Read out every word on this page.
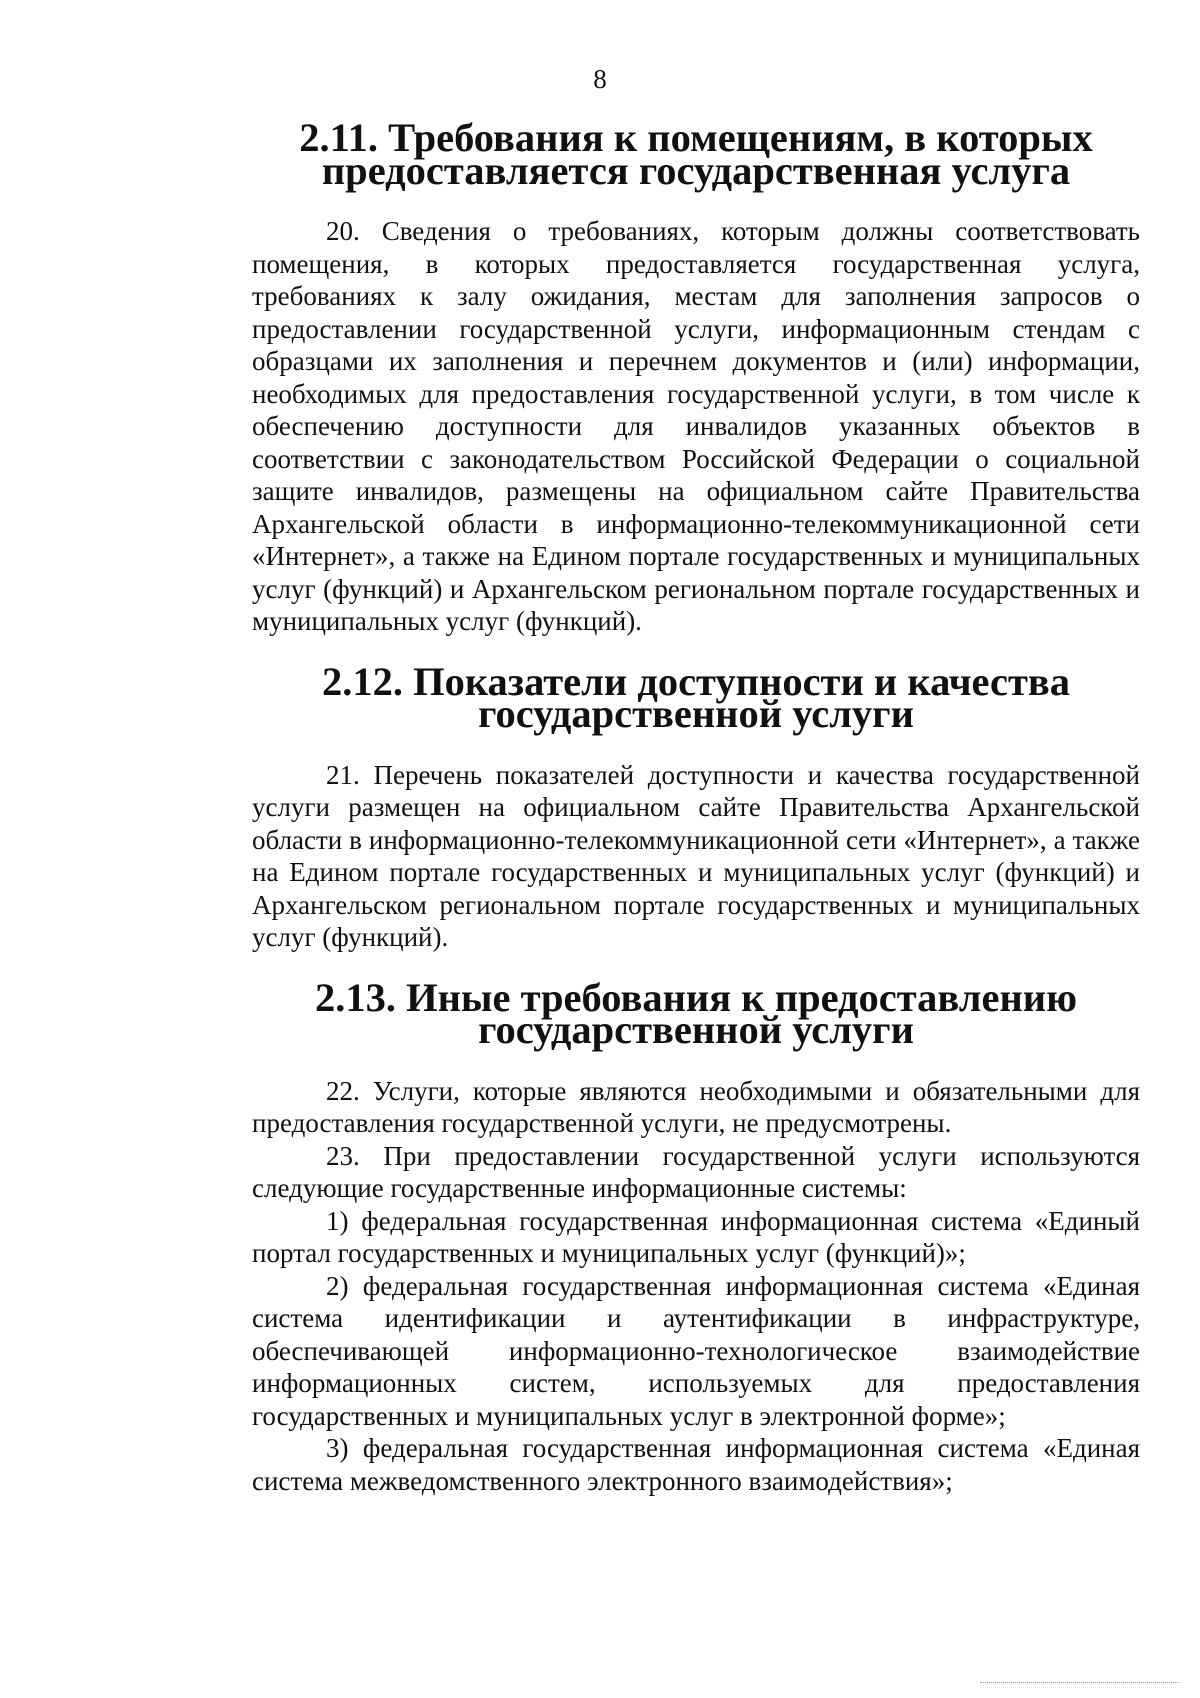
8
2.11. Требования к помещениям, в которых
предоставляется государственная услуга

20. Сведения о требованиях, которым должны соответствовать помещения, в которых предоставляется государственная услуга, требованиях к залу ожидания, местам для заполнения запросов о предоставлении государственной услуги, информационным стендам с образцами их заполнения и перечнем документов и (или) информации, необходимых для предоставления государственной услуги, в том числе к обеспечению доступности для инвалидов указанных объектов в соответствии с законодательством Российской Федерации о социальной защите инвалидов, размещены на официальном сайте Правительства Архангельской области в информационно-телекоммуникационной сети «Интернет», а также на Едином портале государственных и муниципальных услуг (функций) и Архангельском региональном портале государственных и муниципальных услуг (функций).

2.12. Показатели доступности и качества
государственной услуги

21. Перечень показателей доступности и качества государственной услуги размещен на официальном сайте Правительства Архангельской области в информационно-телекоммуникационной сети «Интернет», а также на Едином портале государственных и муниципальных услуг (функций) и Архангельском региональном портале государственных и муниципальных услуг (функций).

2.13. Иные требования к предоставлению
государственной услуги

22. Услуги, которые являются необходимыми и обязательными для предоставления государственной услуги, не предусмотрены.

23. При предоставлении государственной услуги используются следующие государственные информационные системы:

1) федеральная государственная информационная система «Единый портал государственных и муниципальных услуг (функций)»;

2) федеральная государственная информационная система «Единая система идентификации и аутентификации в инфраструктуре, обеспечивающей информационно-технологическое взаимодействие информационных систем, используемых для предоставления государственных и муниципальных услуг в электронной форме»;

3) федеральная государственная информационная система «Единая система межведомственного электронного взаимодействия»;
